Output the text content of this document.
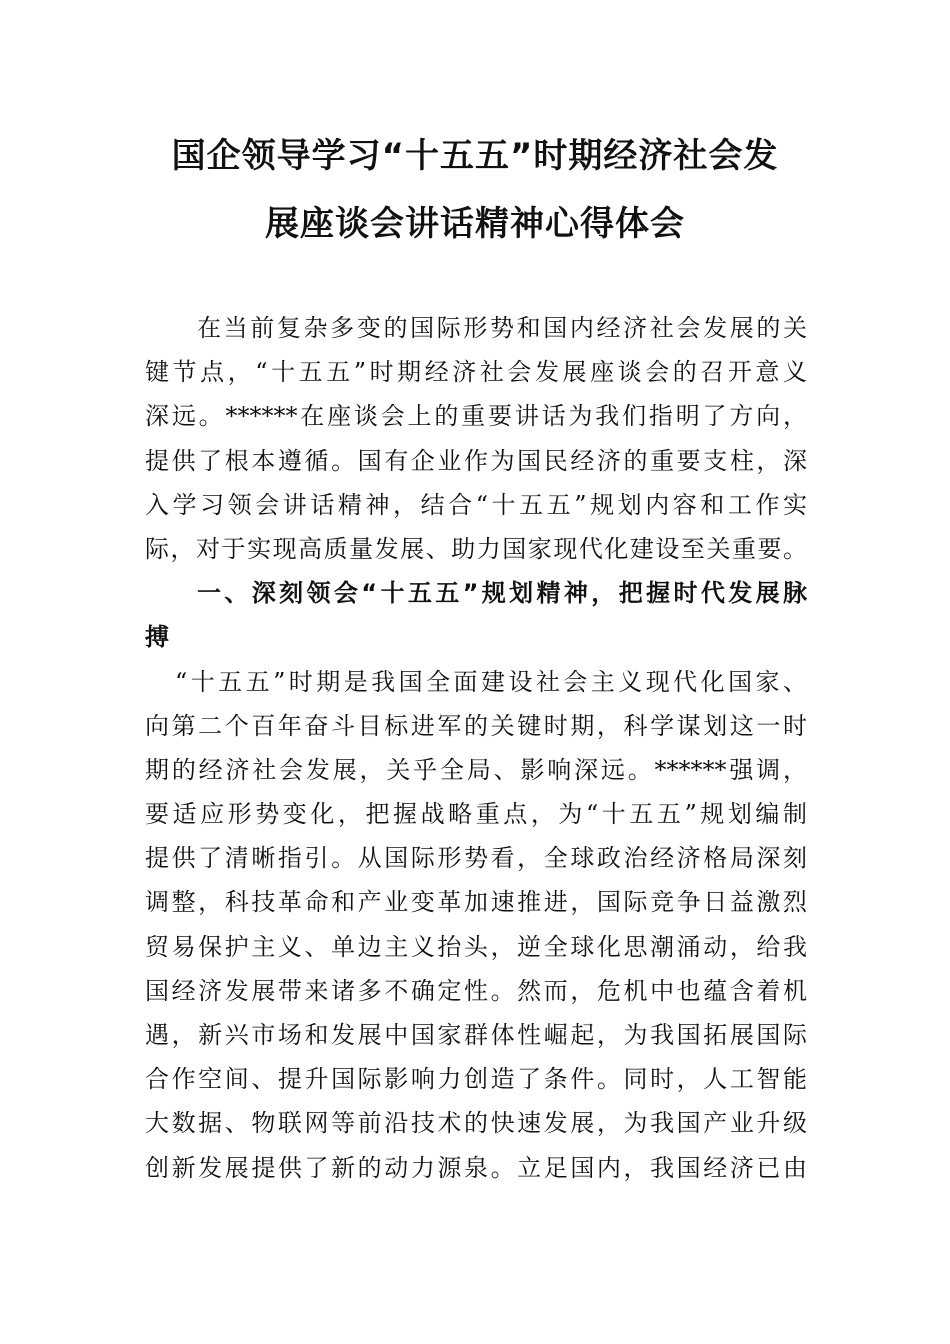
国企领导学习“十五五”时期经济社会发
展座谈会讲话精神心得体会
在当前复杂多变的国际形势和国内经济社会发展的关
键节点，“十五五”时期经济社会发展座谈会的召开意义
深远。******在座谈会上的重要讲话为我们指明了方向，
提供了根本遵循。国有企业作为国民经济的重要支柱，深
入学习领会讲话精神，结合“十五五”规划内容和工作实
际，对于实现高质量发展、助力国家现代化建设至关重要。
一、深刻领会“十五五”规划精神，把握时代发展脉
搏
“十五五”时期是我国全面建设社会主义现代化国家、
向第二个百年奋斗目标进军的关键时期，科学谋划这一时
期的经济社会发展，关乎全局、影响深远。******强调，
要适应形势变化，把握战略重点，为“十五五”规划编制
提供了清晰指引。从国际形势看，全球政治经济格局深刻
调整，科技革命和产业变革加速推进，国际竞争日益激烈
贸易保护主义、单边主义抬头，逆全球化思潮涌动，给我
国经济发展带来诸多不确定性。然而，危机中也蕴含着机
遇，新兴市场和发展中国家群体性崛起，为我国拓展国际
合作空间、提升国际影响力创造了条件。同时，人工智能
大数据、物联网等前沿技术的快速发展，为我国产业升级
创新发展提供了新的动力源泉。立足国内，我国经济已由
